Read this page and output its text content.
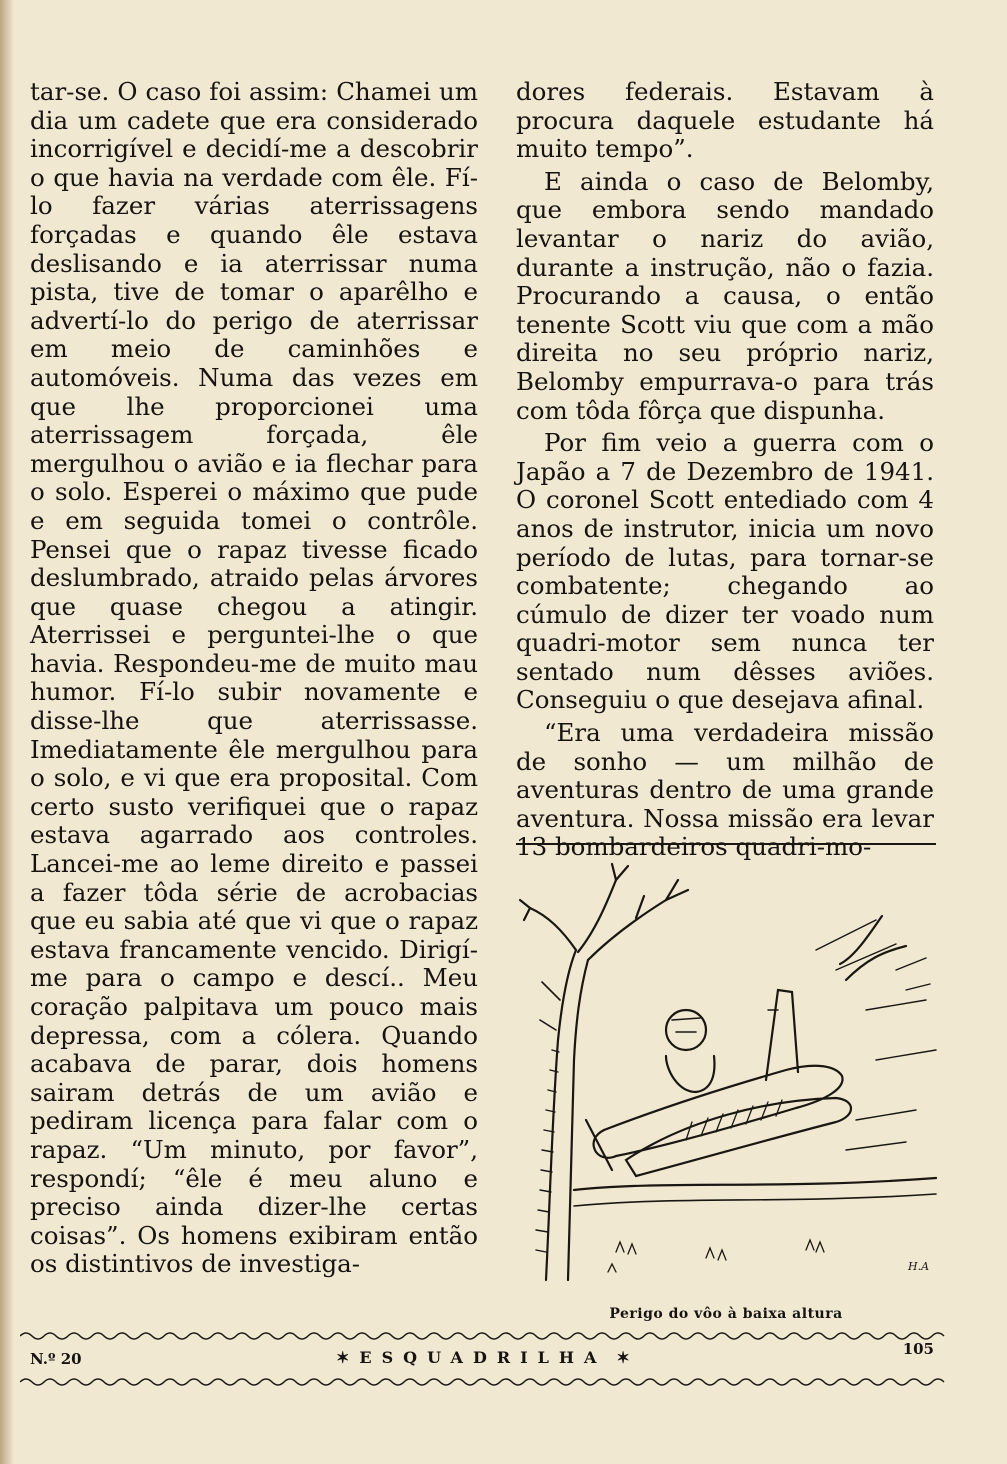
tar-se. O caso foi assim: Chamei um dia um cadete que era considerado incorrigível e decidí-me a descobrir o que havia na verdade com êle. Fí-lo fazer várias aterrissagens forçadas e quando êle estava deslisando e ia aterrissar numa pista, tive de tomar o aparêlho e advertí-lo do perigo de aterrissar em meio de caminhões e automóveis. Numa das vezes em que lhe proporcionei uma aterrissagem forçada, êle mergulhou o avião e ia flechar para o solo. Esperei o máximo que pude e em seguida tomei o contrôle. Pensei que o rapaz tivesse ficado deslumbrado, atraido pelas árvores que quase chegou a atingir. Aterrissei e perguntei-lhe o que havia. Respondeu-me de muito mau humor. Fí-lo subir novamente e disse-lhe que aterrissasse. Imediatamente êle mergulhou para o solo, e vi que era proposital. Com certo susto verifiquei que o rapaz estava agarrado aos controles. Lancei-me ao leme direito e passei a fazer tôda série de acrobacias que eu sabia até que vi que o rapaz estava francamente vencido. Dirigí-me para o campo e descí.. Meu coração palpitava um pouco mais depressa, com a cólera. Quando acabava de parar, dois homens sairam detrás de um avião e pediram licença para falar com o rapaz. “Um minuto, por favor”, respondí; “êle é meu aluno e preciso ainda dizer-lhe certas coisas”. Os homens exibiram então os distintivos de investiga-

dores federais. Estavam à procura daquele estudante há muito tempo”.

E ainda o caso de Belomby, que embora sendo mandado levantar o nariz do avião, durante a instrução, não o fazia. Procurando a causa, o então tenente Scott viu que com a mão direita no seu próprio nariz, Belomby empurrava-o para trás com tôda fôrça que dispunha.

Por fim veio a guerra com o Japão a 7 de Dezembro de 1941. O coronel Scott entediado com 4 anos de instrutor, inicia um novo período de lutas, para tornar-se combatente; chegando ao cúmulo de dizer ter voado num quadri-motor sem nunca ter sentado num dêsses aviões. Conseguiu o que desejava afinal.

“Era uma verdadeira missão de sonho — um milhão de aventuras dentro de uma grande aventura. Nossa missão era levar 13 bombardeiros quadri-mo-

H.A
Perigo do vôo à baixa altura
N.º 20	✶ ESQUADRILHA ✶	105
